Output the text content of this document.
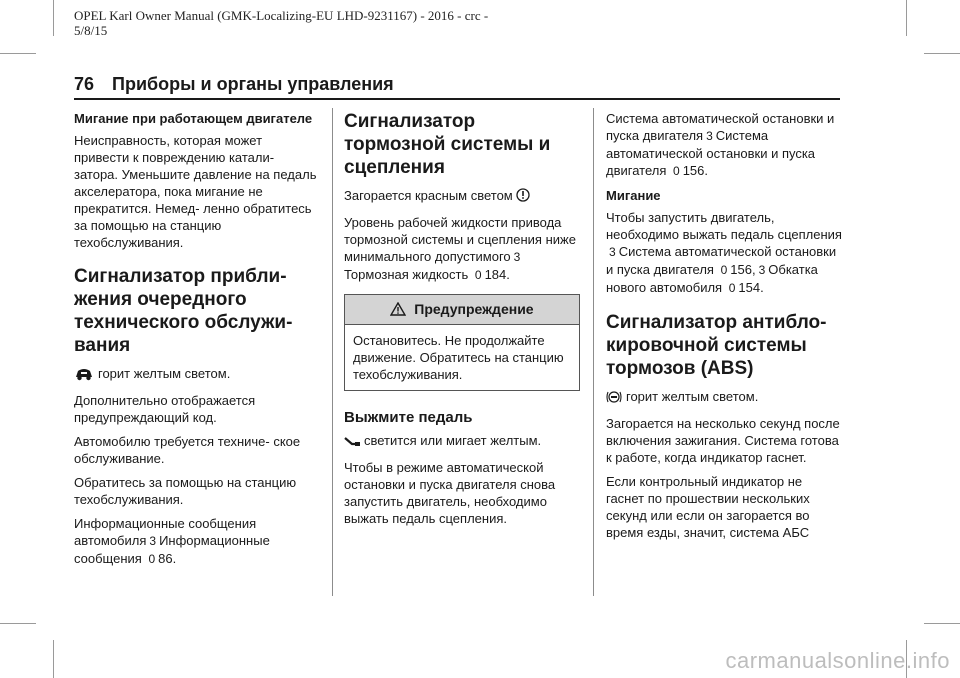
OPEL Karl Owner Manual (GMK-Localizing-EU LHD-9231167) - 2016 - crc -
5/8/15
76 Приборы и органы управления
Мигание при работающем двигателе

Неисправность, которая может привести к повреждению катали- затора. Уменьшите давление на педаль акселератора, пока мигание не прекратится. Немед- ленно обратитесь за помощью на станцию техобслуживания.

Сигнализатор прибли- жения очередного технического обслужи- вания

горит желтым светом.

Дополнительно отображается предупреждающий код.

Автомобилю требуется техниче- ское обслуживание.

Обратитесь за помощью на станцию техобслуживания.

Информационные сообщения автомобиля 3 Информационные сообщения 0 86.

Сигнализатор тормозной системы и сцепления

Загорается красным светом

Уровень рабочей жидкости привода тормозной системы и сцепления ниже минимального допустимого 3Тормозная жидкость 0 184.

Предупреждение
Остановитесь. Не продолжайте движение. Обратитесь на станцию техобслуживания.
Выжмите педаль

светится или мигает желтым.

Чтобы в режиме автоматической остановки и пуска двигателя снова запустить двигатель, необходимо выжать педаль сцепления.

Система автоматической остановки и пуска двигателя 3 Система автоматической остановки и пуска двигателя 0 156.

Мигание

Чтобы запустить двигатель, необходимо выжать педаль сцепления3 Система автоматической остановки и пуска двигателя 0 156, 3 Обкатка нового автомобиля 0 154.

Сигнализатор антибло- кировочной системы тормозов (ABS)

горит желтым светом.

Загорается на несколько секунд после включения зажигания. Система готова к работе, когда индикатор гаснет.

Если контрольный индикатор не гаснет по прошествии нескольких секунд или если он загорается во время езды, значит, система АБС

carmanualsonline.info
